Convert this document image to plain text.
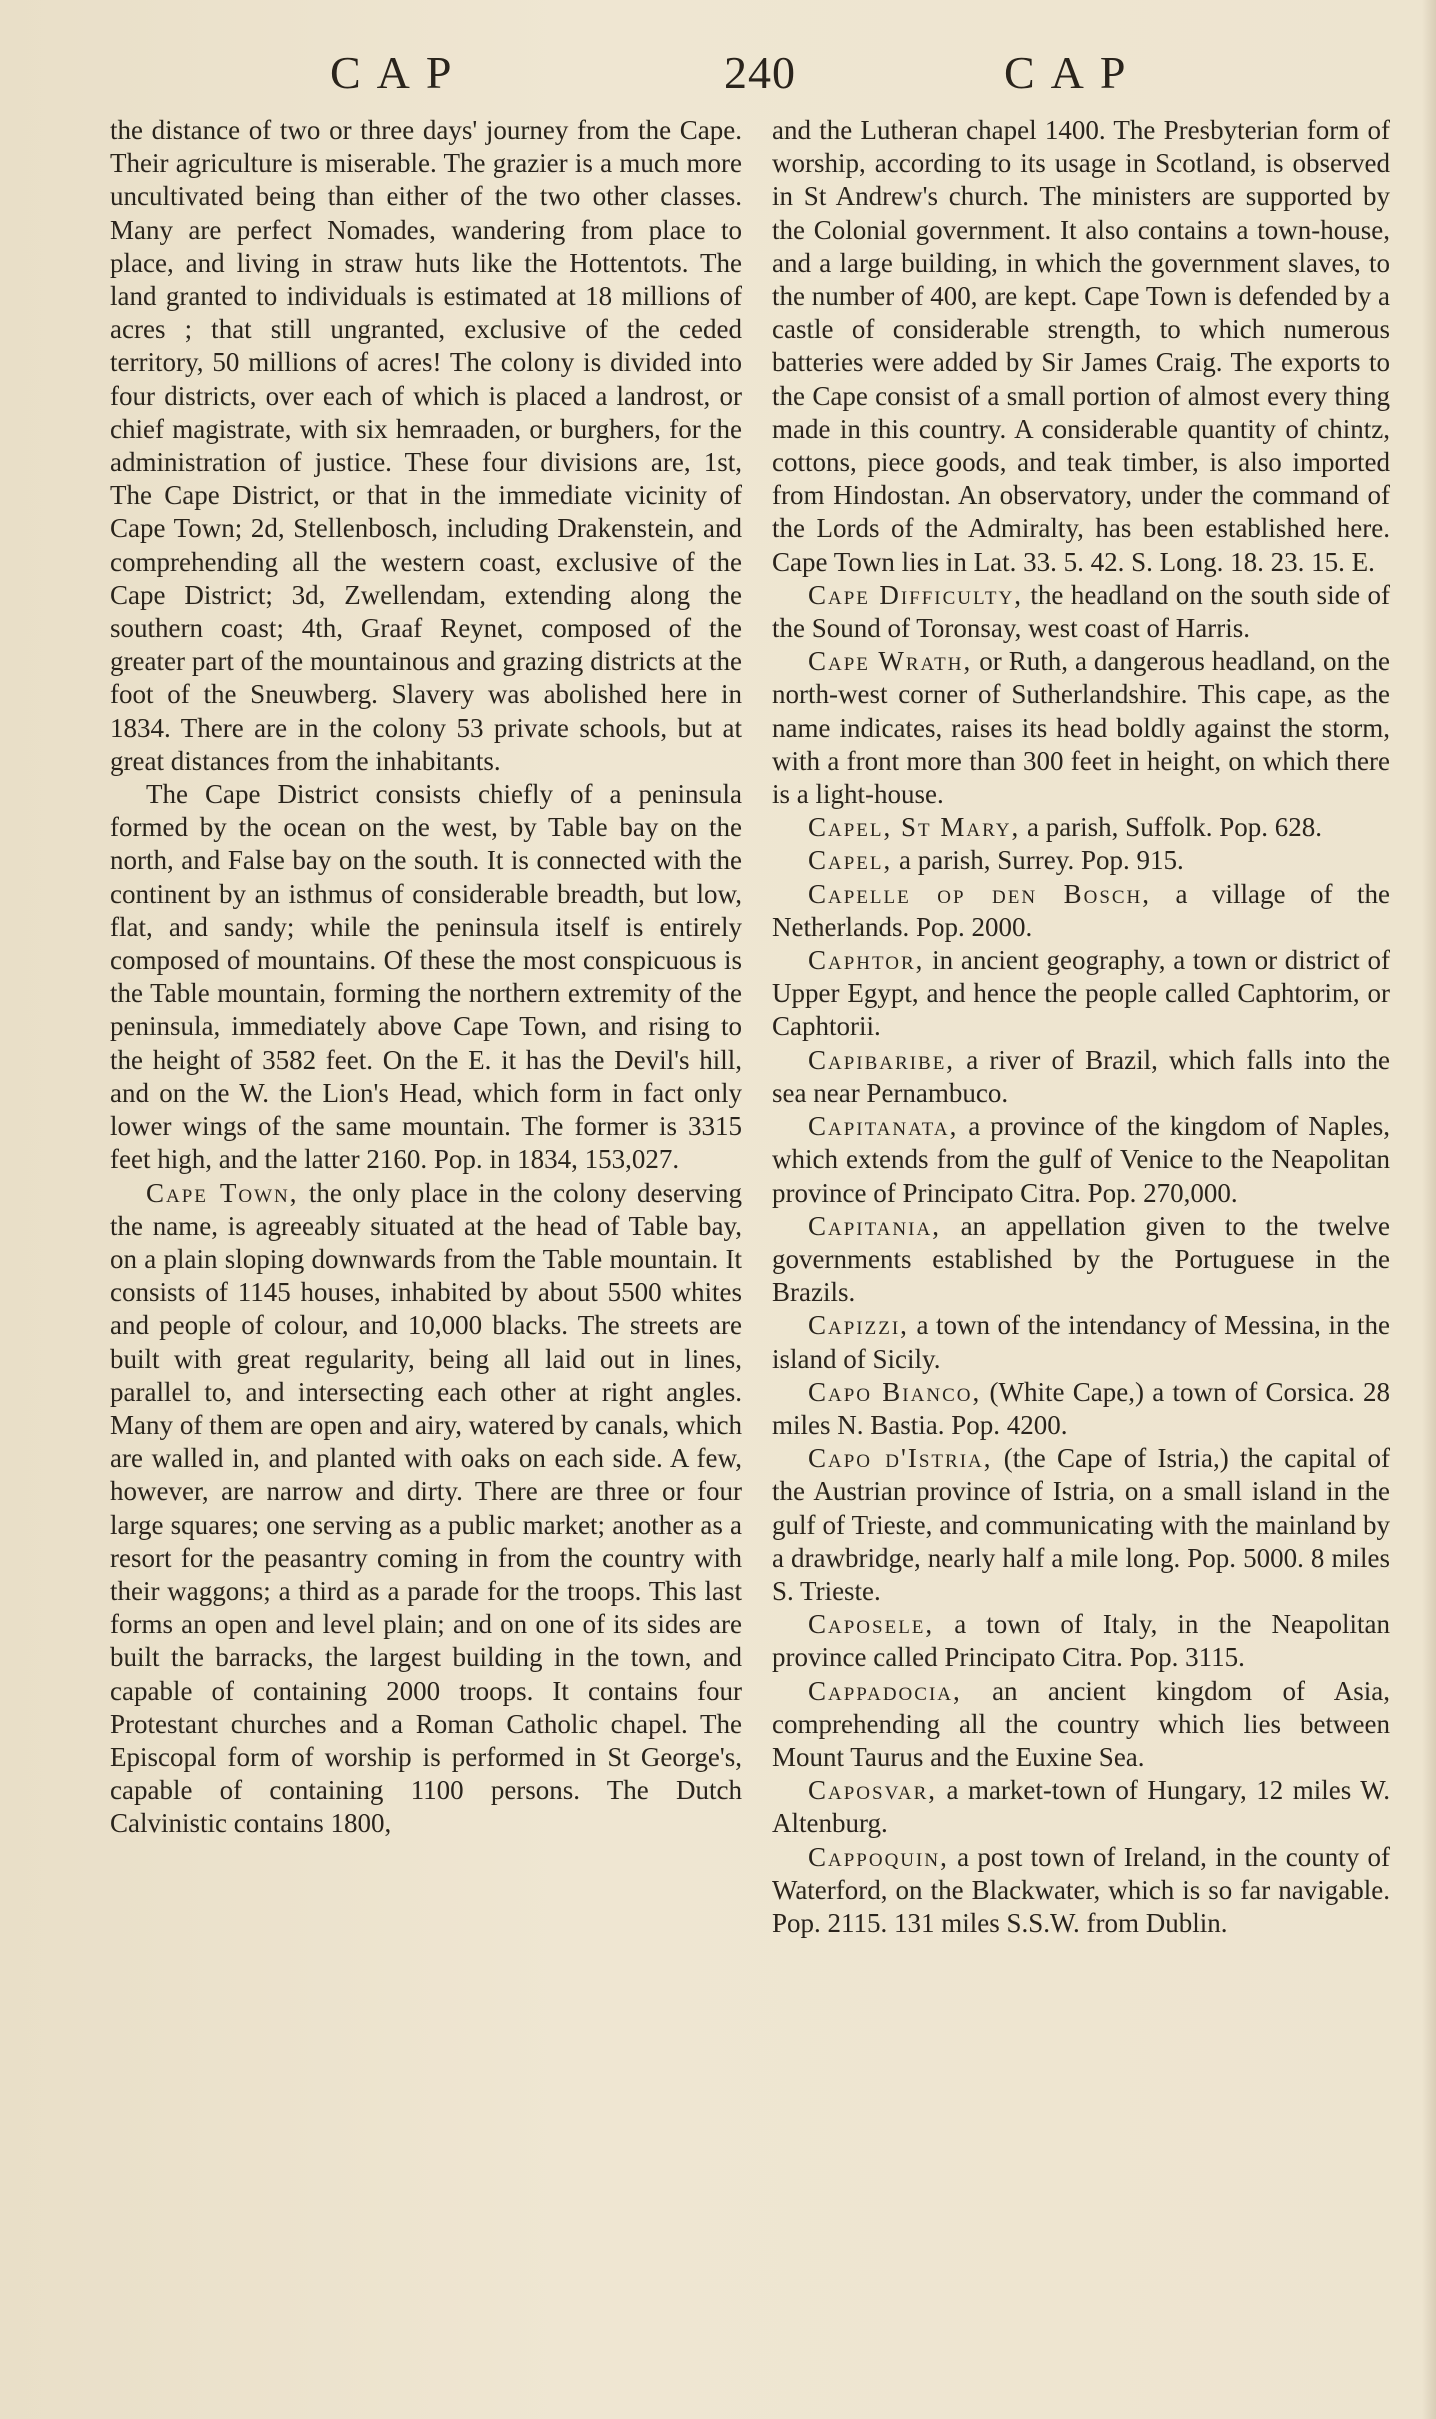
CAP	240	CAP

the distance of two or three days' journey from the Cape. Their agriculture is miserable. The grazier is a much more uncultivated being than either of the two other classes. Many are perfect Nomades, wandering from place to place, and living in straw huts like the Hottentots. The land granted to individuals is estimated at 18 millions of acres ; that still ungranted, exclusive of the ceded territory, 50 millions of acres! The colony is divided into four districts, over each of which is placed a landrost, or chief magistrate, with six hemraaden, or burghers, for the administration of justice. These four divisions are, 1st, The Cape District, or that in the immediate vicinity of Cape Town; 2d, Stellenbosch, including Drakenstein, and comprehending all the western coast, exclusive of the Cape District; 3d, Zwellendam, extending along the southern coast; 4th, Graaf Reynet, composed of the greater part of the mountainous and grazing districts at the foot of the Sneuwberg. Slavery was abolished here in 1834. There are in the colony 53 private schools, but at great distances from the inhabitants.

The Cape District consists chiefly of a peninsula formed by the ocean on the west, by Table bay on the north, and False bay on the south. It is connected with the continent by an isthmus of considerable breadth, but low, flat, and sandy; while the peninsula itself is entirely composed of mountains. Of these the most conspicuous is the Table mountain, forming the northern extremity of the peninsula, immediately above Cape Town, and rising to the height of 3582 feet. On the E. it has the Devil's hill, and on the W. the Lion's Head, which form in fact only lower wings of the same mountain. The former is 3315 feet high, and the latter 2160. Pop. in 1834, 153,027.

Cape Town, the only place in the colony deserving the name, is agreeably situated at the head of Table bay, on a plain sloping downwards from the Table mountain. It consists of 1145 houses, inhabited by about 5500 whites and people of colour, and 10,000 blacks. The streets are built with great regularity, being all laid out in lines, parallel to, and intersecting each other at right angles. Many of them are open and airy, watered by canals, which are walled in, and planted with oaks on each side. A few, however, are narrow and dirty. There are three or four large squares; one serving as a public market; another as a resort for the peasantry coming in from the country with their waggons; a third as a parade for the troops. This last forms an open and level plain; and on one of its sides are built the barracks, the largest building in the town, and capable of containing 2000 troops. It contains four Protestant churches and a Roman Catholic chapel. The Episcopal form of worship is performed in St George's, capable of containing 1100 persons. The Dutch Calvinistic contains 1800,

and the Lutheran chapel 1400. The Presbyterian form of worship, according to its usage in Scotland, is observed in St Andrew's church. The ministers are supported by the Colonial government. It also contains a town-house, and a large building, in which the government slaves, to the number of 400, are kept. Cape Town is defended by a castle of considerable strength, to which numerous batteries were added by Sir James Craig. The exports to the Cape consist of a small portion of almost every thing made in this country. A considerable quantity of chintz, cottons, piece goods, and teak timber, is also imported from Hindostan. An observatory, under the command of the Lords of the Admiralty, has been established here. Cape Town lies in Lat. 33. 5. 42. S. Long. 18. 23. 15. E.

Cape Difficulty, the headland on the south side of the Sound of Toronsay, west coast of Harris.

Cape Wrath, or Ruth, a dangerous headland, on the north-west corner of Sutherlandshire. This cape, as the name indicates, raises its head boldly against the storm, with a front more than 300 feet in height, on which there is a light-house.

Capel, St Mary, a parish, Suffolk. Pop. 628.

Capel, a parish, Surrey. Pop. 915.

Capelle op den Bosch, a village of the Netherlands. Pop. 2000.

Caphtor, in ancient geography, a town or district of Upper Egypt, and hence the people called Caphtorim, or Caphtorii.

Capibaribe, a river of Brazil, which falls into the sea near Pernambuco.

Capitanata, a province of the kingdom of Naples, which extends from the gulf of Venice to the Neapolitan province of Principato Citra. Pop. 270,000.

Capitania, an appellation given to the twelve governments established by the Portuguese in the Brazils.

Capizzi, a town of the intendancy of Messina, in the island of Sicily.

Capo Bianco, (White Cape,) a town of Corsica. 28 miles N. Bastia. Pop. 4200.

Capo d'Istria, (the Cape of Istria,) the capital of the Austrian province of Istria, on a small island in the gulf of Trieste, and communicating with the mainland by a drawbridge, nearly half a mile long. Pop. 5000. 8 miles S. Trieste.

Caposele, a town of Italy, in the Neapolitan province called Principato Citra. Pop. 3115.

Cappadocia, an ancient kingdom of Asia, comprehending all the country which lies between Mount Taurus and the Euxine Sea.

Caposvar, a market-town of Hungary, 12 miles W. Altenburg.

Cappoquin, a post town of Ireland, in the county of Waterford, on the Blackwater, which is so far navigable. Pop. 2115. 131 miles S.S.W. from Dublin.
